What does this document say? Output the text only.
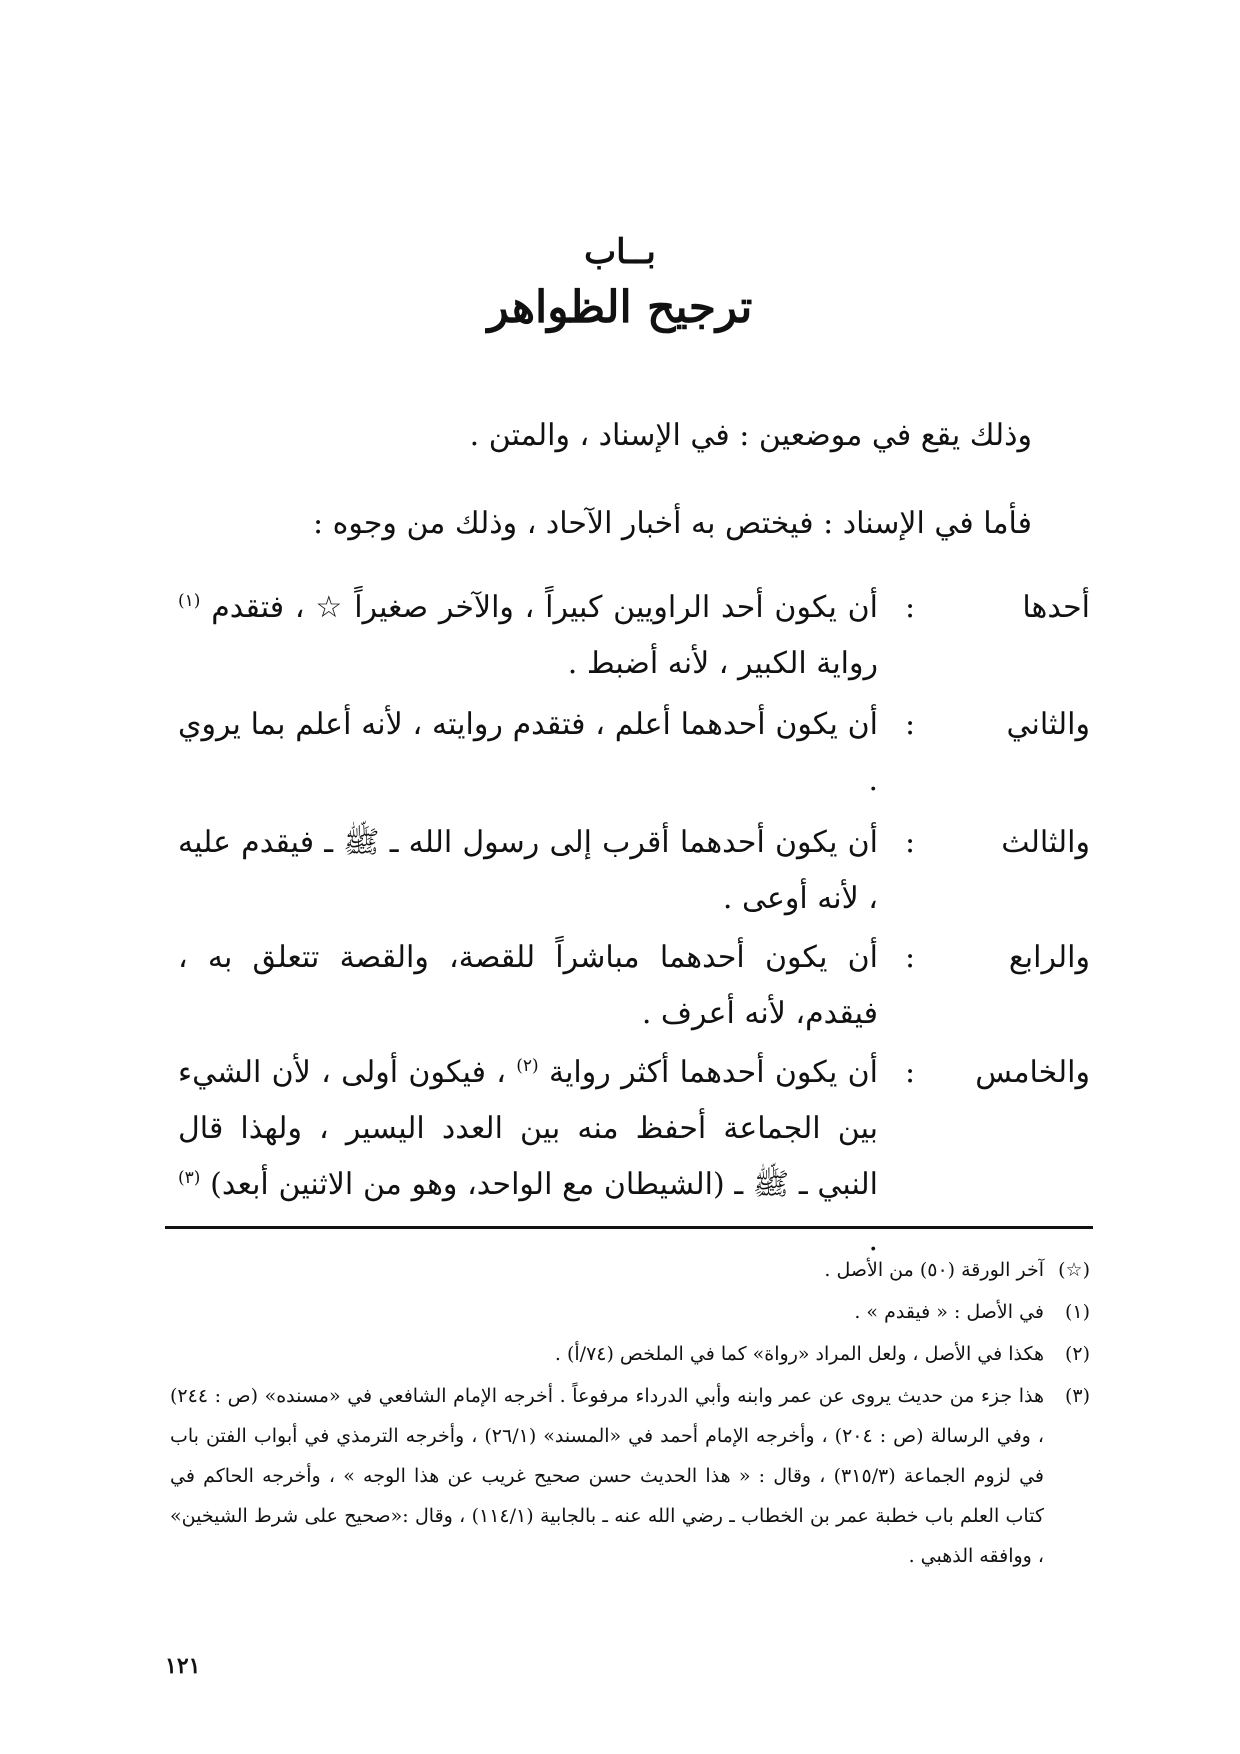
بــاب
ترجيح الظواهر
وذلك يقع في موضعين : في الإسناد ، والمتن .
فأما في الإسناد : فيختص به أخبار الآحاد ، وذلك من وجوه :
أحدها
:
أن يكون أحد الراويين كبيراً ، والآخر صغيراً ☆ ، فتقدم $^{(١)}$ رواية الكبير ، لأنه أضبط .
والثاني
:
أن يكون أحدهما أعلم ، فتقدم روايته ، لأنه أعلم بما يروي .
والثالث
:
أن يكون أحدهما أقرب إلى رسول الله ـ ﷺ ـ فيقدم عليه ، لأنه أوعى .
والرابع
:
أن يكون أحدهما مباشراً للقصة، والقصة تتعلق به ، فيقدم، لأنه أعرف .
والخامس
:
أن يكون أحدهما أكثر رواية $^{(٢)}$ ، فيكون أولى ، لأن الشيء بين الجماعة أحفظ منه بين العدد اليسير ، ولهذا قال النبي ـ ﷺ ـ (الشيطان مع الواحد، وهو من الاثنين أبعد) $^{(٣)}$ .
(☆)
آخر الورقة (٥٠) من الأصل .
(١)
في الأصل : « فيقدم » .
(٢)
هكذا في الأصل ، ولعل المراد «رواة» كما في الملخص (٧٤/أ) .
(٣)
هذا جزء من حديث يروى عن عمر وابنه وأبي الدرداء مرفوعاً . أخرجه الإمام الشافعي في «مسنده» (ص : ٢٤٤) ، وفي الرسالة (ص : ٢٠٤) ، وأخرجه الإمام أحمد في «المسند» (٢٦/١) ، وأخرجه الترمذي في أبواب الفتن باب في لزوم الجماعة (٣١٥/٣) ، وقال : « هذا الحديث حسن صحيح غريب عن هذا الوجه » ، وأخرجه الحاكم في كتاب العلم باب خطبة عمر بن الخطاب ـ رضي الله عنه ـ بالجابية (١١٤/١) ، وقال :«صحيح على شرط الشيخين» ، ووافقه الذهبي .
١٢١
